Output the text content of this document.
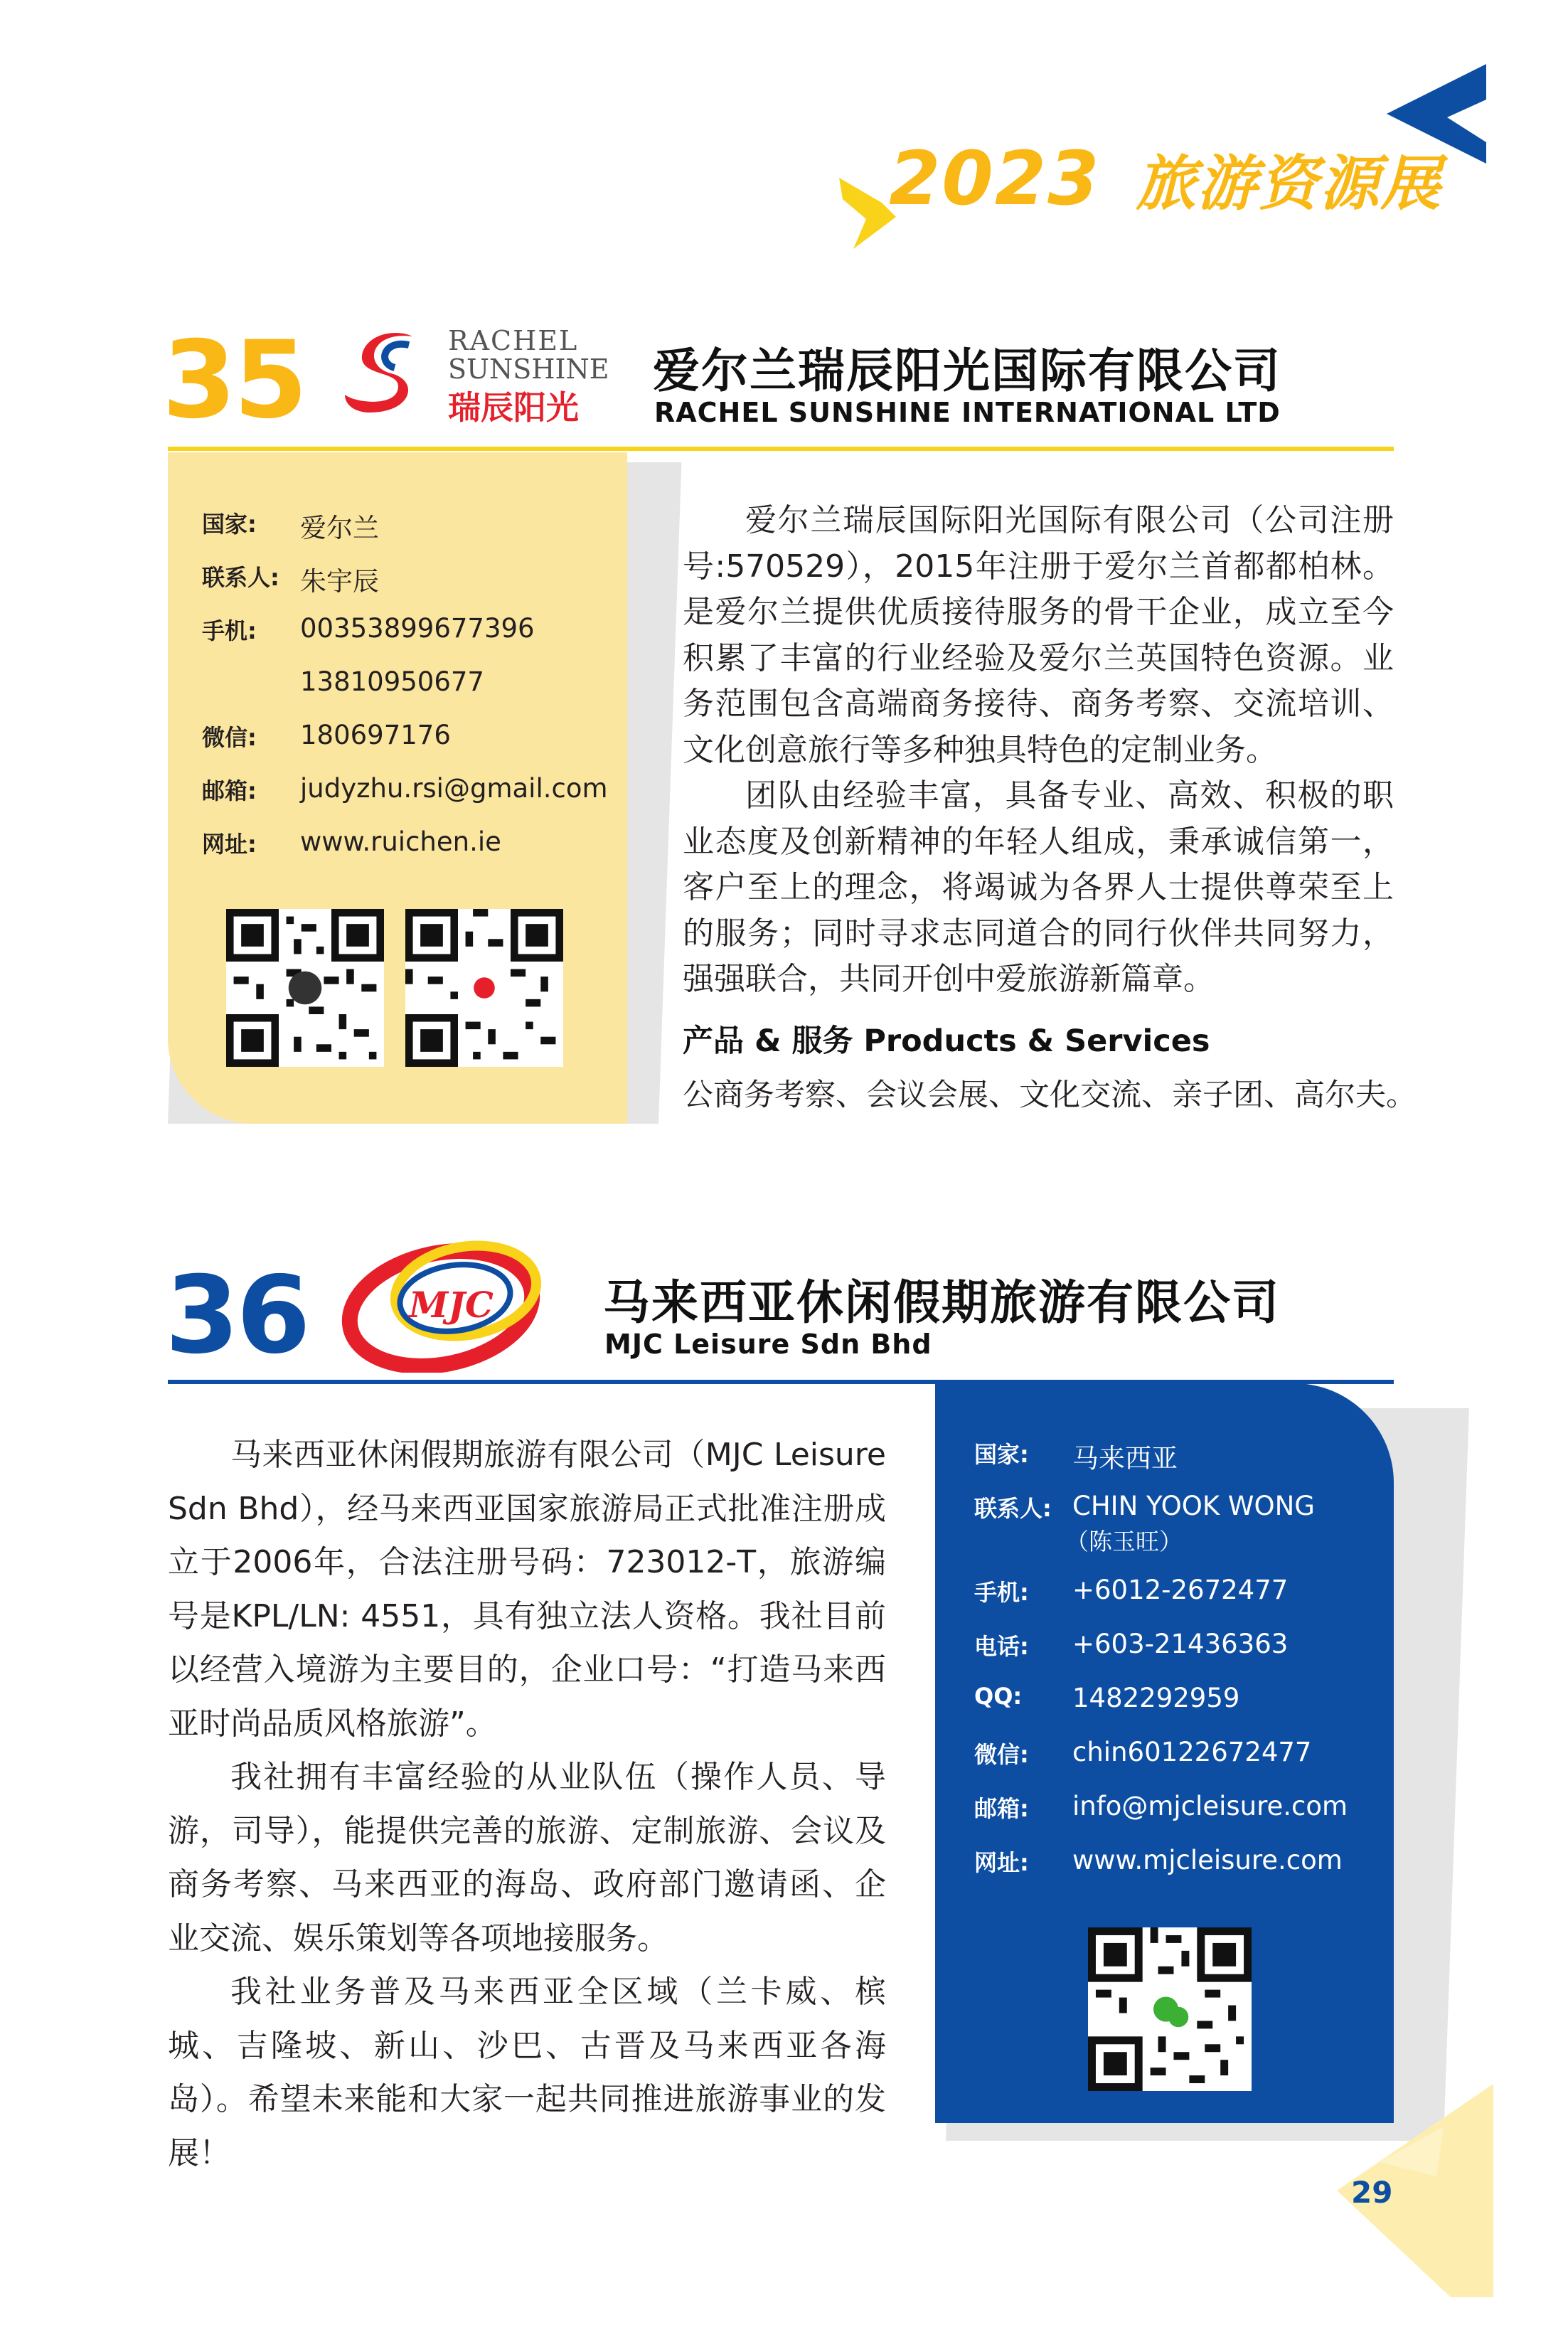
2023 旅游资源展
35	RACHEL
SUNSHINE
瑞辰阳光
爱尔兰瑞辰阳光国际有限公司
RACHEL SUNSHINE INTERNATIONAL LTD
国家: 爱尔兰
联系人: 朱宇辰
手机: 00353899677396
13810950677
微信: 180697176
邮箱: judyzhu.rsi@gmail.com
网址: www.ruichen.ie

爱尔兰瑞辰国际阳光国际有限公司（公司注册号:570529），2015年注册于爱尔兰首都都柏林。是爱尔兰提供优质接待服务的骨干企业，成立至今积累了丰富的行业经验及爱尔兰英国特色资源。业务范围包含高端商务接待、商务考察、交流培训、文化创意旅行等多种独具特色的定制业务。

团队由经验丰富，具备专业、高效、积极的职业态度及创新精神的年轻人组成，秉承诚信第一，客户至上的理念，将竭诚为各界人士提供尊荣至上的服务；同时寻求志同道合的同行伙伴共同努力，强强联合，共同开创中爱旅游新篇章。

产品 & 服务 Products & Services
公商务考察、会议会展、文化交流、亲子团、高尔夫。
36	MJC 马来西亚休闲假期旅游有限公司
MJC Leisure Sdn Bhd

马来西亚休闲假期旅游有限公司（MJC Leisure Sdn Bhd），经马来西亚国家旅游局正式批准注册成立于2006年，合法注册号码：723012-T，旅游编号是KPL/LN: 4551，具有独立法人资格。我社目前以经营入境游为主要目的，企业口号：“打造马来西亚时尚品质风格旅游”。

我社拥有丰富经验的从业队伍（操作人员、导游，司导），能提供完善的旅游、定制旅游、会议及商务考察、马来西亚的海岛、政府部门邀请函、企业交流、娱乐策划等各项地接服务。

我社业务普及马来西亚全区域（兰卡威、槟城、吉隆坡、新山、沙巴、古晋及马来西亚各海岛）。希望未来能和大家一起共同推进旅游事业的发展！

国家: 马来西亚
联系人: CHIN YOOK WONG
（陈玉旺）
手机: +6012-2672477
电话: +603-21436363
QQ: 1482292959
微信: chin60122672477
邮箱: info@mjcleisure.com
网址: www.mjcleisure.com
29
